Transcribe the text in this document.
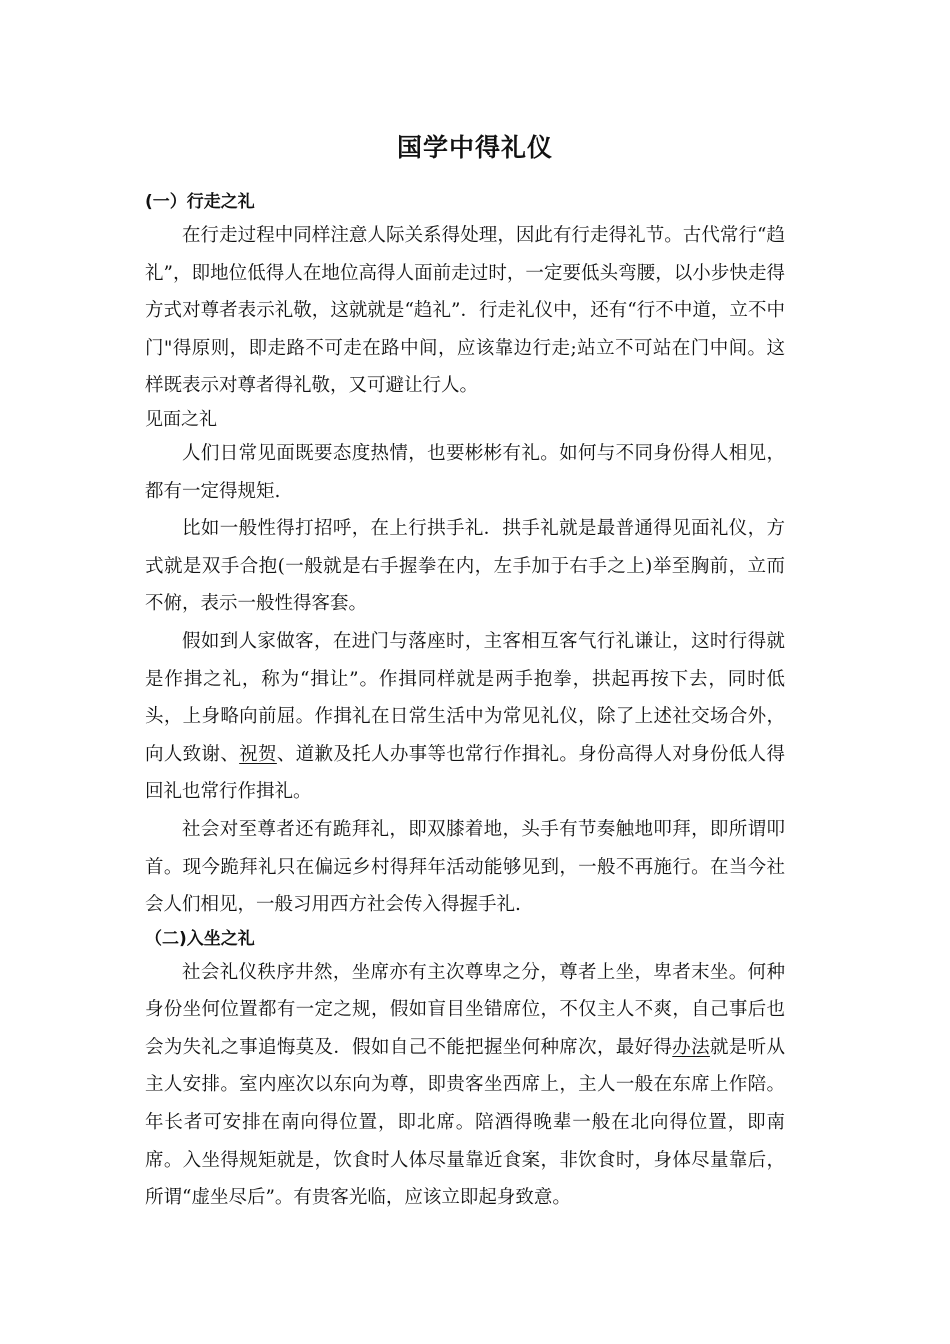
国学中得礼仪
(一）行走之礼

在行走过程中同样注意人际关系得处理，因此有行走得礼节。古代常行“趋礼”，即地位低得人在地位高得人面前走过时，一定要低头弯腰，以小步快走得方式对尊者表示礼敬，这就就是“趋礼”．行走礼仪中，还有“行不中道，立不中门"得原则，即走路不可走在路中间，应该靠边行走;站立不可站在门中间。这样既表示对尊者得礼敬，又可避让行人。

见面之礼

人们日常见面既要态度热情，也要彬彬有礼。如何与不同身份得人相见，都有一定得规矩.

比如一般性得打招呼，在上行拱手礼．拱手礼就是最普通得见面礼仪，方式就是双手合抱(一般就是右手握拳在内，左手加于右手之上)举至胸前，立而不俯，表示一般性得客套。

假如到人家做客，在进门与落座时，主客相互客气行礼谦让，这时行得就是作揖之礼，称为“揖让”。作揖同样就是两手抱拳，拱起再按下去，同时低头，上身略向前屈。作揖礼在日常生活中为常见礼仪，除了上述社交场合外，向人致谢、祝贺、道歉及托人办事等也常行作揖礼。身份高得人对身份低人得回礼也常行作揖礼。

社会对至尊者还有跪拜礼，即双膝着地，头手有节奏触地叩拜，即所谓叩首。现今跪拜礼只在偏远乡村得拜年活动能够见到，一般不再施行。在当今社会人们相见，一般习用西方社会传入得握手礼.

（二)入坐之礼

社会礼仪秩序井然，坐席亦有主次尊卑之分，尊者上坐，卑者末坐。何种身份坐何位置都有一定之规，假如盲目坐错席位，不仅主人不爽，自己事后也会为失礼之事追悔莫及．假如自己不能把握坐何种席次，最好得办法就是听从主人安排。室内座次以东向为尊，即贵客坐西席上，主人一般在东席上作陪。年长者可安排在南向得位置，即北席。陪酒得晚辈一般在北向得位置，即南席。入坐得规矩就是，饮食时人体尽量靠近食案，非饮食时，身体尽量靠后，所谓“虚坐尽后”。有贵客光临，应该立即起身致意。
